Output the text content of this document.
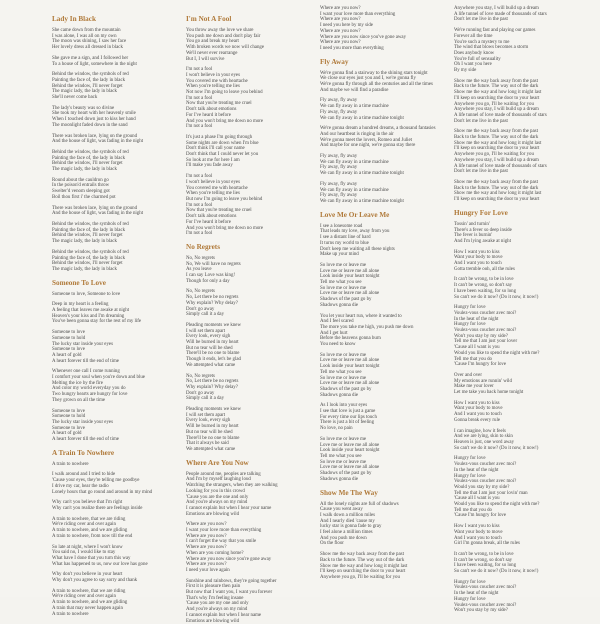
Lady In Black
She came down from the mountain
I was alone, I was all on my own
The moon was shining, I saw her face
Her lovely dress all dressed in black
She gave me a sign, and I followed her
To a house of light, somewhere in the night
Behind the window, the symbols of red
Painting the face of, the lady in black
Behind the window, I'll never forget
The magic lady, the lady in black
She'll never come back
The lady's beauty was so divine
She took my heart with her heavenly smile
When I touched down just to kiss her hand
The moonlight faded down in the sand
There was broken lace, lying on the ground
And the house of light, was fading in the night
Behind the window, the symbols of red
Painting the face of, the lady in black
Behind the window, I'll never forget
The magic lady, the lady in black
Round about the cauldron go
In the poison'd entrails throw
Swelter'd venom sleeping got
Boil thou first i' the charmed pot
There was broken lace, lying on the ground
And the house of light, was fading in the night
Behind the window, the symbols of red
Painting the face of, the lady in black
Behind the window, I'll never forget
The magic lady, the lady in black
Behind the window, the symbols of red
Painting the face of, the lady in black
Behind the window, I'll never forget
The magic lady, the lady in black
Someone To Love
Someone to love, Someone to love
Deep in my heart is a feeling
A feeling that leaves me awake at night
Heaven's your kiss and I'm dreaming
You've been gonna stay for the rest of my life
Someone to love
Someone to hold
The lucky star inside your eyes
Someone to love
A heart of gold
A heart forever till the end of time
Whenever one call I come running
I comfort your soul when you're down and blue
Melting the ice by the fire
And color my world everyday you do
Two hungry hearts are hungry for love
They grown on all the time
Someone to love
Someone to hold
The lucky star inside your eyes
Someone to love
A heart of gold
A heart forever till the end of time
A Train To Nowhere
A train to nowhere
I walk around and I tried to hide
'Cause your eyes, they're telling me goodbye
I drive my car, hear the radio
Lonely hours that go round and around in my mind
Why can't you believe that I'm right
Why can't you realize there are feelings inside
A train to nowhere, that we are riding
We're riding over and over again
A train to nowhere, and we are gliding
A train to nowhere, from now till the end
So late at night, where I won't know
You said no, I would like to stay
What have I done that you turn this way
What has happened to us, now our love has gone
Why don't you believe in your heart
Why don't you agree to say sorry and thank
A train to nowhere, that we are riding
We're riding over and over again
A train to nowhere, and we are gliding
A train that may never happen again
A train to nowhere
I'm Not A Fool
You throw away the love we share
You push me down and don't play fair
You go and break my heart
With broken words we now will change
We'll never ever rearrange
But I, I will survive
I'm not a fool
I won't believe in your eyes
You covered me with heartache
When you're telling me lies
Not now I'm going to leave you behind
I'm not a fool
Now that you're treating me cruel
Don't talk about emotions
For I've heard it before
And you won't bring me down no more
I'm not a fool
It's just a phase I'm going through
Some nights are down when I'm blue
Don't think I'll call your name
Don't think that I could never let you
So look at me for here I am
I'll make you fade away
I'm not a fool
I won't believe in your eyes
You covered me with heartache
When you're telling me lies
But now I'm going to leave you behind
I'm not a fool
Now that you're treating me cruel
Don't talk about emotions
For I've heard it before
And you won't bring me down no more
I'm not a fool
No Regrets
No, No regrets
No, We will have no regrets
As you leave
I can say Love was king!
Though for only a day
No, No regrets
No, Let there be no regrets
Why explain? Why delay?
Don't go away
Simply call it a day
Pleading moments we knew
I will set them apart
Every look, every sigh
Will be burned in my heart
But no tear will be shed
There'll be no one to blame
Though it ends, let's be glad
We attempted what came
No, No regrets
No, Let there be no regrets
Why explain? Why delay?
Don't go away
Simply call it a day
Pleading moments we knew
I will set them apart
Every look, every sigh
Will be burned in my heart
But no tear will be shed
There'll be no one to blame
That it always be said
We attempted what came
Where Are You Now
People around me, peoples are talking
And I'm by myself laughing loud
Watching the strangers, when they are walking
Looking for you in this crowd
'Cause you are the one and only
And you're always on my mind
I cannot explain but when I hear your name
Emotions are blowing wild
Where are you now?
I want your love more than everything
Where are you now?
I can't forget the way that you smile
Where are you now?
When are you coming home?
Where are you now since you're gone away
Where are you now?
I need your love again
Sunshine and rainbows, they're going together
First it is pleasure then pain
But now that I want you, I want you forever
That's why I'm feeling insane
'Cause you are my one and only
And you're always on my mind
I cannot explain but when I hear name
Emotions are blowing wild
Where are you now?
I want your love more than everything
Where are you now?
I need you here by my side
Where are you now?
Where are you now since you've gone away
Where are you now?
I need you more than everything
Fly Away
We're gonna find a stairway to the shining stars tonight
We close our eyes just you and I, we're gonna fly
We're gonna fly through all the centuries and all the times
And maybe we will find a paradise
Fly away, fly away
We can fly away in a time machine
Fly away, fly away
We can fly away in a time machine tonight
We're gonna dream a hundred dreams, a thousand fantasies
And our heartbeat is ringing in the air
We're gonna meet the lovers, Romeo and Juliet
And maybe for one night, we're gonna stay there
Fly away, fly away
We can fly away in a time machine
Fly away, fly away
We can fly away in a time machine tonight
Fly away, fly away
We can fly away in a time machine
Fly away, fly away
We can fly away in a time machine tonight
Love Me Or Leave Me
I see a lonesome road
That leads my love, away from you
I see a distant line of hard
It turns my world to blue
Don't keep me waiting all these nights
Make up your mind
So love me or leave me
Love me or leave me all alone
Look inside your heart tonight
Tell me what you see
So love me or leave me
Love me or leave me all alone
Shadows of the past go by
Shadows gonna die
You let your heart run, where it wanted to
And I feel scared
The more you take me high, you push me down
And I get hurt
Before the heavens gonna burn
You need to know
So love me or leave me
Love me or leave me all alone
Look inside your heart tonight
Tell me what you see
So love me or leave me
Love me or leave me all alone
Shadows of the past go by
Shadows gonna die
As I look into your eyes
I see that love is just a game
For every time our lips touch
There is just a bit of feeling
No love, no pain
So love me or leave me
Love me or leave me all alone
Look inside your heart tonight
Tell me what you see
So love me or leave me
Love me or leave me all alone
Shadows of the past go by
Shadows gonna die
Show Me The Way
All the lonely nights are full of shadows
Cause you went away
I walk down a million miles
And I nearly died 'cause my
lucky star is gonna fade to gray
I feel alone a million times
And you push me down
On the floor
Show me the way back away from the past
Back to the future. The way out of the dark
Show me the way and how long it might last
I'll keep on searching the door to your heart
Anywhere you go, I'll be waiting for you
Anywhere you stay, I will build up a dream
A life tunnel of love made of thousands of stars
Don't let me live in the past
We're running fast and playing our games
Forever all the time
You're such a mystery to me
The wind that blows becomes a storm
Does anybody know
You're full of sensuality
Oh I want you here
By my side
Show me the way back away from the past
Back to the future. The way out of the dark
Show me the way and how long it might last
I'll keep on searching the door to your heart
Anywhere you go, I'll be waiting for you
Anywhere you stay, I will build up a dream
A life tunnel of love made of thousands of stars
Don't let me live in the past
Show me the way back away from the past
Back to the future. The way out of the dark
Show me the way and how long it might last
I'll keep on searching the door to your heart
Anywhere you go, I'll be waiting for you
Anywhere you stay, I will build up a dream
A life tunnel of love made of thousands of stars
Don't let me live in the past
Show me the way back away from the past
Back to the future. The way out of the dark
Show me the way and how long it might last
I'll keep on searching the door to your heart
Hungry For Love
Tossin' and turnin'
There's a fever so deep inside
The fever is burnin'
And I'm lying awake at night
How I want you to kiss
Want your body to move
And I want you to touch
Gotta tremble ooh, all the rules
It can't be wrong, to be in love
It can't be wrong, so don't say
I have been waiting, for so long
So can't we do it now? (Do it now, it now!)
Hungry for love
Voulez-vous coucher avec moi?
In the heat of the night
Hungry for love
Voulez-vous coucher avec moi?
Won't you stay by my side?
Tell me that I am just your lover
'Cause all I want is you
Would you like to spend the night with me?
Tell me that you do
'Cause I'm hungry for love
Over and over
My emotions are runnin' wild
Make me your lover
Let me take you back home tonight
How I want you to kiss
Want your body to move
And I want you to touch
Gonna break every rule
I can imagine, how it feels
And we are lying, skin to skin
Heaven is just, one word away
So can't we do it now? (Do it now, it now!)
Hungry for love
Voulez-vous coucher avec moi?
In the heat of the night
Hungry for love
Voulez-vous coucher avec moi?
Would you stay by my side?
Tell me that I am just your lovin' man
'Cause all I want is you
Would you like to spend the night with me?
Tell me that you do
'Cause I'm hungry for love
How I want you to kiss
Want your body to move
And I want you to touch
Girl I'm gonna break, all the rules
It can't be wrong, to be in love
It can't be wrong, so don't say
I have been waiting, for so long
So can't we do it now? (Do it now, it now!)
Hungry for love
Voulez-vous coucher avec moi?
In the heat of the night
Hungry for love
Voulez-vous coucher avec moi?
Won't you stay by my side?
